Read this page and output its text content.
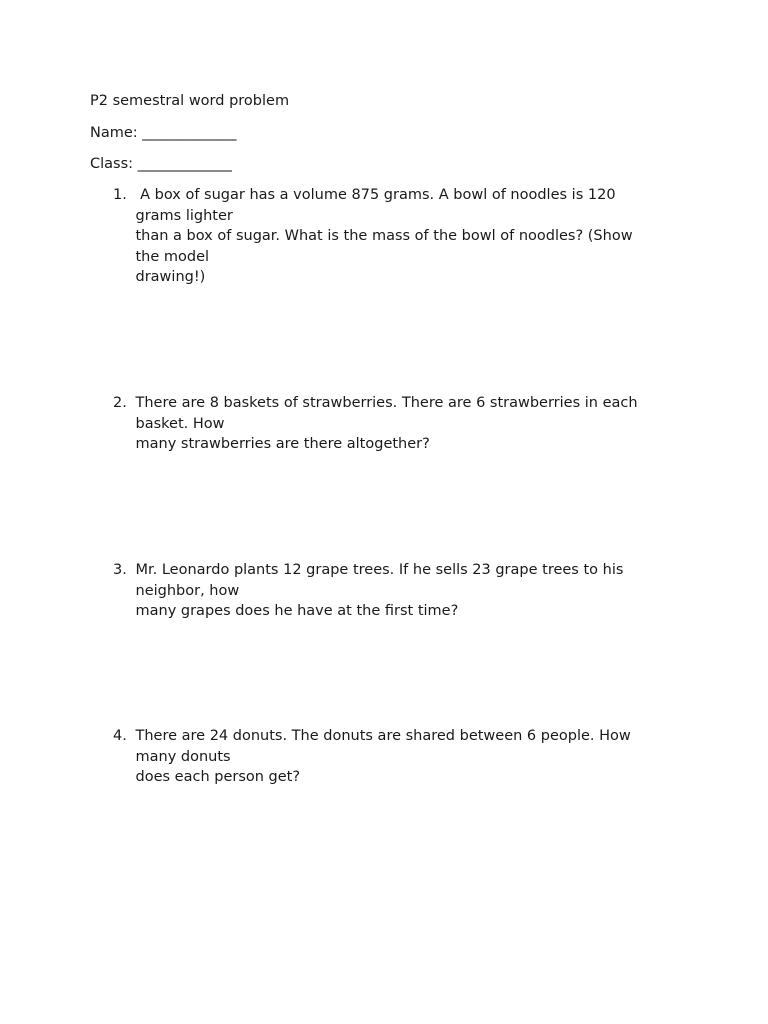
P2 semestral word problem
Name: _____________
Class: _____________
1. A box of sugar has a volume 875 grams. A bowl of noodles is 120
grams lighter
than a box of sugar. What is the mass of the bowl of noodles? (Show
the model
drawing!)
2. There are 8 baskets of strawberries. There are 6 strawberries in each
basket. How
many strawberries are there altogether?
3. Mr. Leonardo plants 12 grape trees. If he sells 23 grape trees to his
neighbor, how
many grapes does he have at the first time?
4. There are 24 donuts. The donuts are shared between 6 people. How
many donuts
does each person get?
